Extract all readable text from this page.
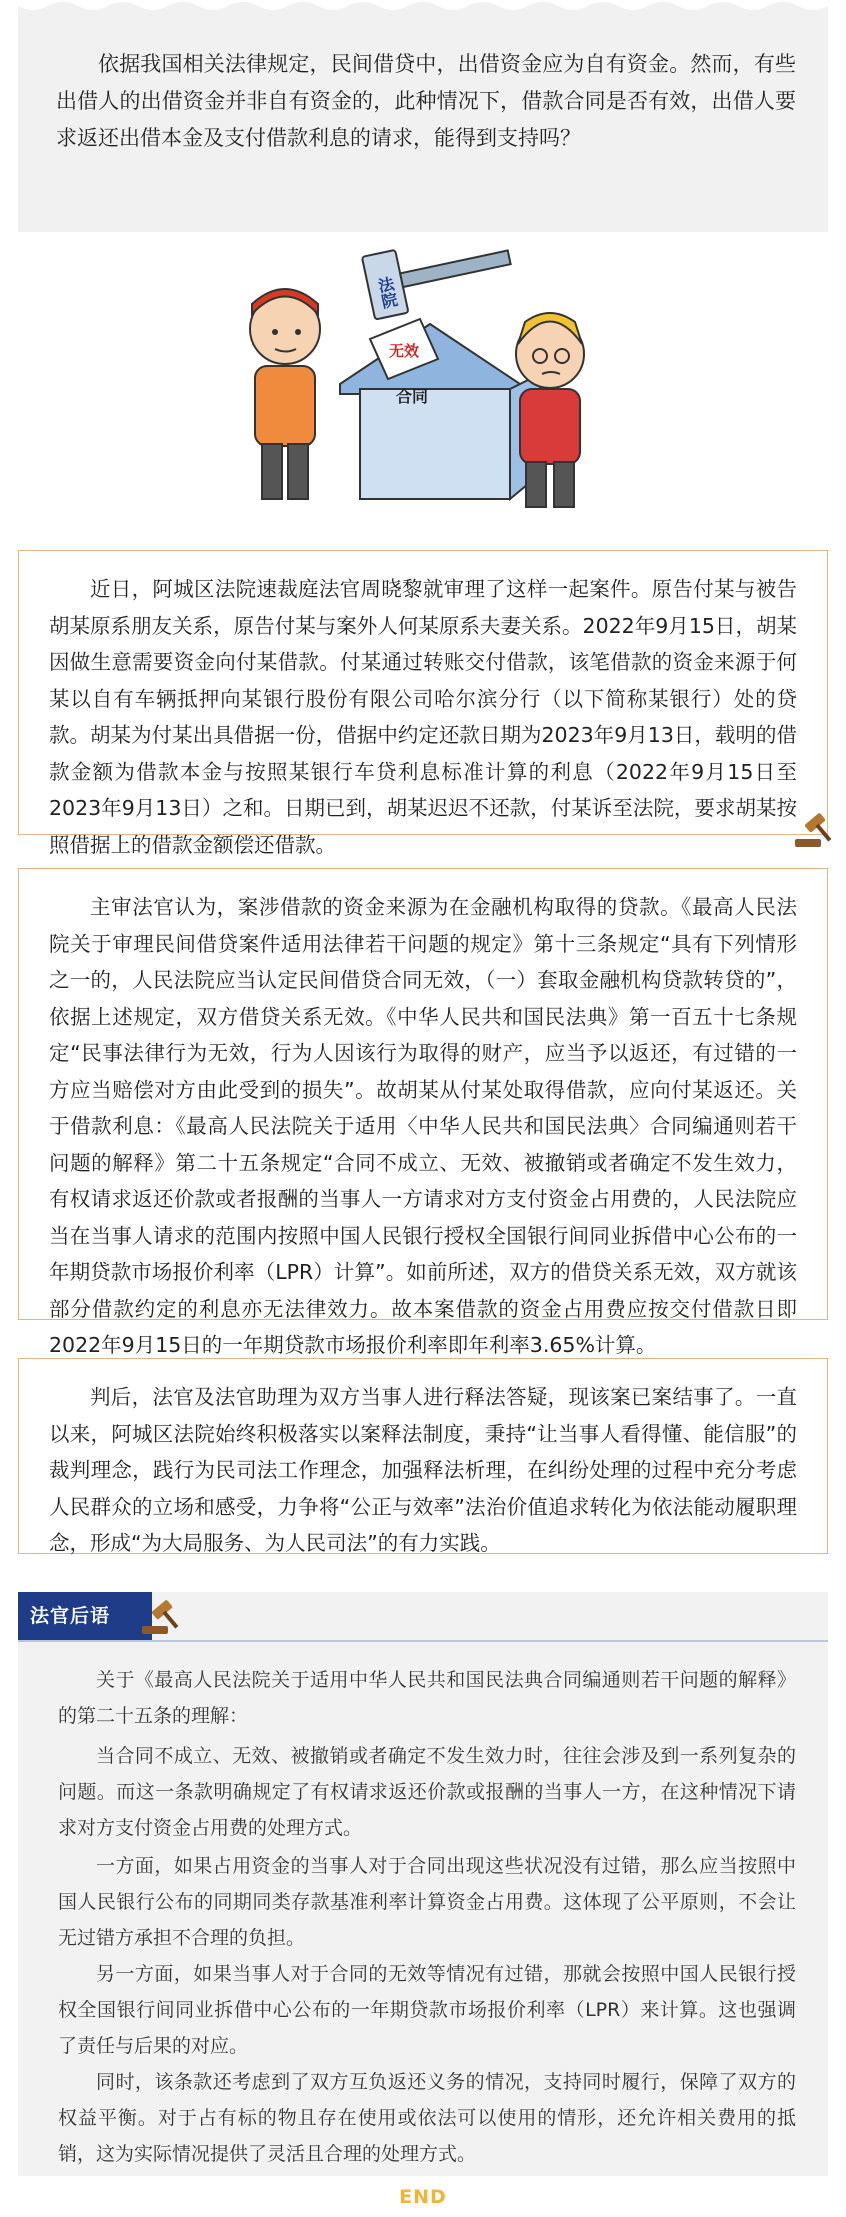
依据我国相关法律规定，民间借贷中，出借资金应为自有资金。然而，有些出借人的出借资金并非自有资金的，此种情况下，借款合同是否有效，出借人要求返还出借本金及支付借款利息的请求，能得到支持吗？

法院
无效
合同

近日，阿城区法院速裁庭法官周晓黎就审理了这样一起案件。原告付某与被告胡某原系朋友关系，原告付某与案外人何某原系夫妻关系。2022年9月15日，胡某因做生意需要资金向付某借款。付某通过转账交付借款，该笔借款的资金来源于何某以自有车辆抵押向某银行股份有限公司哈尔滨分行（以下简称某银行）处的贷款。胡某为付某出具借据一份，借据中约定还款日期为2023年9月13日，载明的借款金额为借款本金与按照某银行车贷利息标准计算的利息（2022年9月15日至2023年9月13日）之和。日期已到，胡某迟迟不还款，付某诉至法院，要求胡某按照借据上的借款金额偿还借款。

主审法官认为，案涉借款的资金来源为在金融机构取得的贷款。《最高人民法院关于审理民间借贷案件适用法律若干问题的规定》第十三条规定“具有下列情形之一的，人民法院应当认定民间借贷合同无效，（一）套取金融机构贷款转贷的”，依据上述规定，双方借贷关系无效。《中华人民共和国民法典》第一百五十七条规定“民事法律行为无效，行为人因该行为取得的财产，应当予以返还，有过错的一方应当赔偿对方由此受到的损失”。故胡某从付某处取得借款，应向付某返还。关于借款利息：《最高人民法院关于适用〈中华人民共和国民法典〉合同编通则若干问题的解释》第二十五条规定“合同不成立、无效、被撤销或者确定不发生效力，有权请求返还价款或者报酬的当事人一方请求对方支付资金占用费的，人民法院应当在当事人请求的范围内按照中国人民银行授权全国银行间同业拆借中心公布的一年期贷款市场报价利率（LPR）计算”。如前所述，双方的借贷关系无效，双方就该部分借款约定的利息亦无法律效力。故本案借款的资金占用费应按交付借款日即2022年9月15日的一年期贷款市场报价利率即年利率3.65%计算。

判后，法官及法官助理为双方当事人进行释法答疑，现该案已案结事了。一直以来，阿城区法院始终积极落实以案释法制度，秉持“让当事人看得懂、能信服”的裁判理念，践行为民司法工作理念，加强释法析理，在纠纷处理的过程中充分考虑人民群众的立场和感受，力争将“公正与效率”法治价值追求转化为依法能动履职理念，形成“为大局服务、为人民司法”的有力实践。

法官后语

关于《最高人民法院关于适用中华人民共和国民法典合同编通则若干问题的解释》的第二十五条的理解：

当合同不成立、无效、被撤销或者确定不发生效力时，往往会涉及到一系列复杂的问题。而这一条款明确规定了有权请求返还价款或报酬的当事人一方，在这种情况下请求对方支付资金占用费的处理方式。

一方面，如果占用资金的当事人对于合同出现这些状况没有过错，那么应当按照中国人民银行公布的同期同类存款基准利率计算资金占用费。这体现了公平原则，不会让无过错方承担不合理的负担。

另一方面，如果当事人对于合同的无效等情况有过错，那就会按照中国人民银行授权全国银行间同业拆借中心公布的一年期贷款市场报价利率（LPR）来计算。这也强调了责任与后果的对应。

同时，该条款还考虑到了双方互负返还义务的情况，支持同时履行，保障了双方的权益平衡。对于占有标的物且存在使用或依法可以使用的情形，还允许相关费用的抵销，这为实际情况提供了灵活且合理的处理方式。

END
